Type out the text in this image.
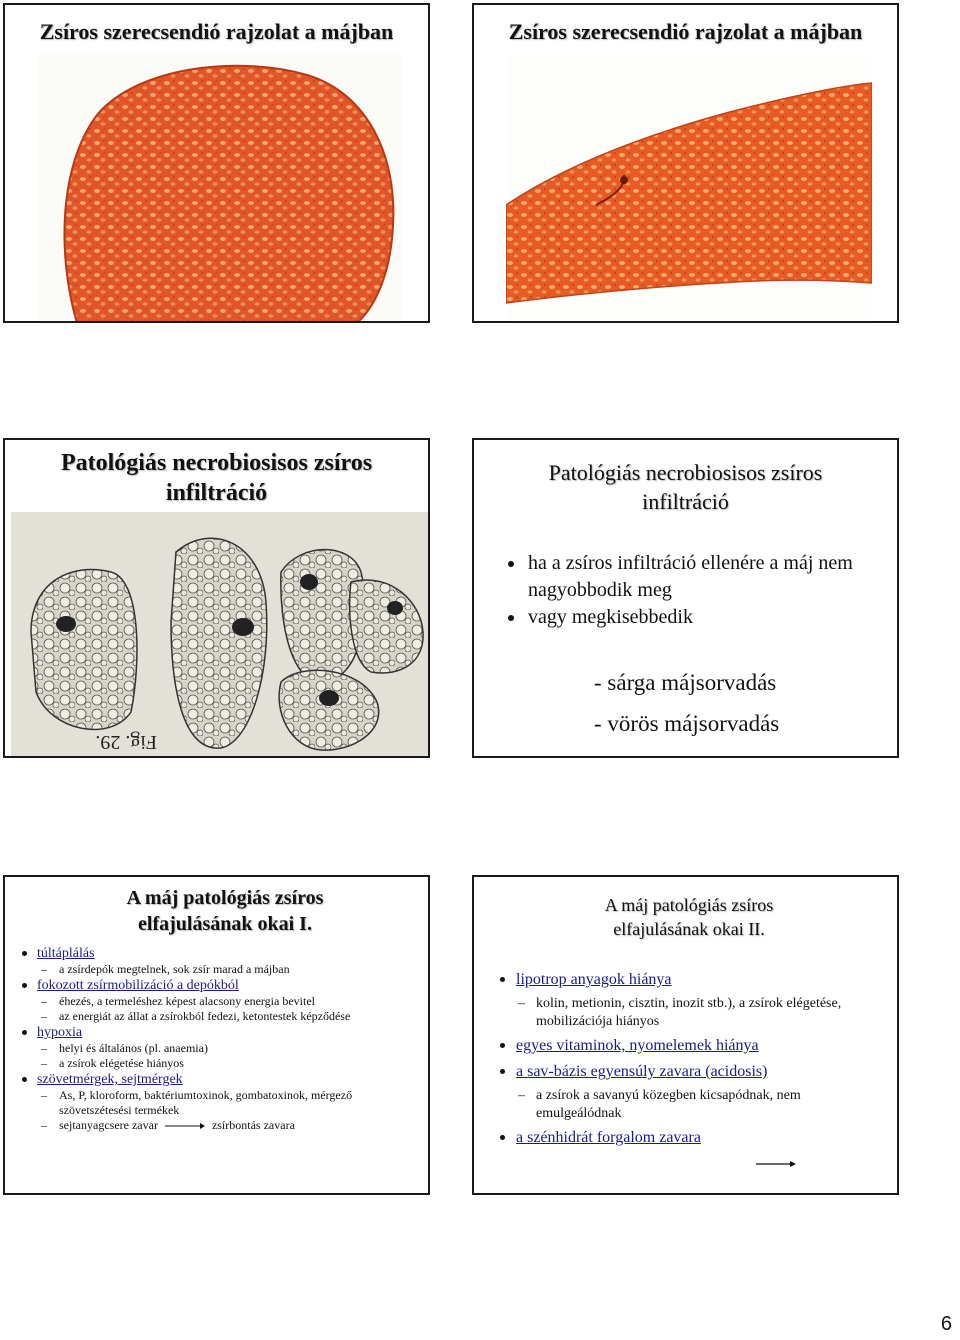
Zsíros szerecsendió rajzolat a májban	Zsíros szerecsendió rajzolat a májban
Patológiás necrobiosisos zsíros
infiltráció
Fig. 29.
Patológiás necrobiosisos zsíros
infiltráció
ha a zsíros infiltráció ellenére a máj nem nagyobbodik meg
vagy megkisebbedik
- sárga májsorvadás
- vörös májsorvadás
A máj patológiás zsíros
elfajulásának okai I.
túltáplálás
– a zsírdepók megtelnek, sok zsír marad a májban
fokozott zsírmobilizáció a depókból
– éhezés, a termeléshez képest alacsony energia bevitel
– az energiát az állat a zsírokból fedezi, ketontestek képződése
hypoxia
– helyi és általános (pl. anaemia)
– a zsírok elégetése hiányos
szövetmérgek, sejtmérgek
– As, P, kloroform, baktériumtoxinok, gombatoxinok, mérgező szövetszétesési termékek
– sejtanyagcsere zavar	zsírbontás zavara
A máj patológiás zsíros
elfajulásának okai II.
lipotrop anyagok hiánya
– kolin, metionin, cisztin, inozit stb.), a zsírok elégetése, mobilizációja hiányos
egyes vitaminok, nyomelemek hiánya
a sav-bázis egyensúly zavara (acidosis)
– a zsírok a savanyú közegben kicsapódnak, nem emulgeálódnak
a szénhidrát forgalom zavara
6
